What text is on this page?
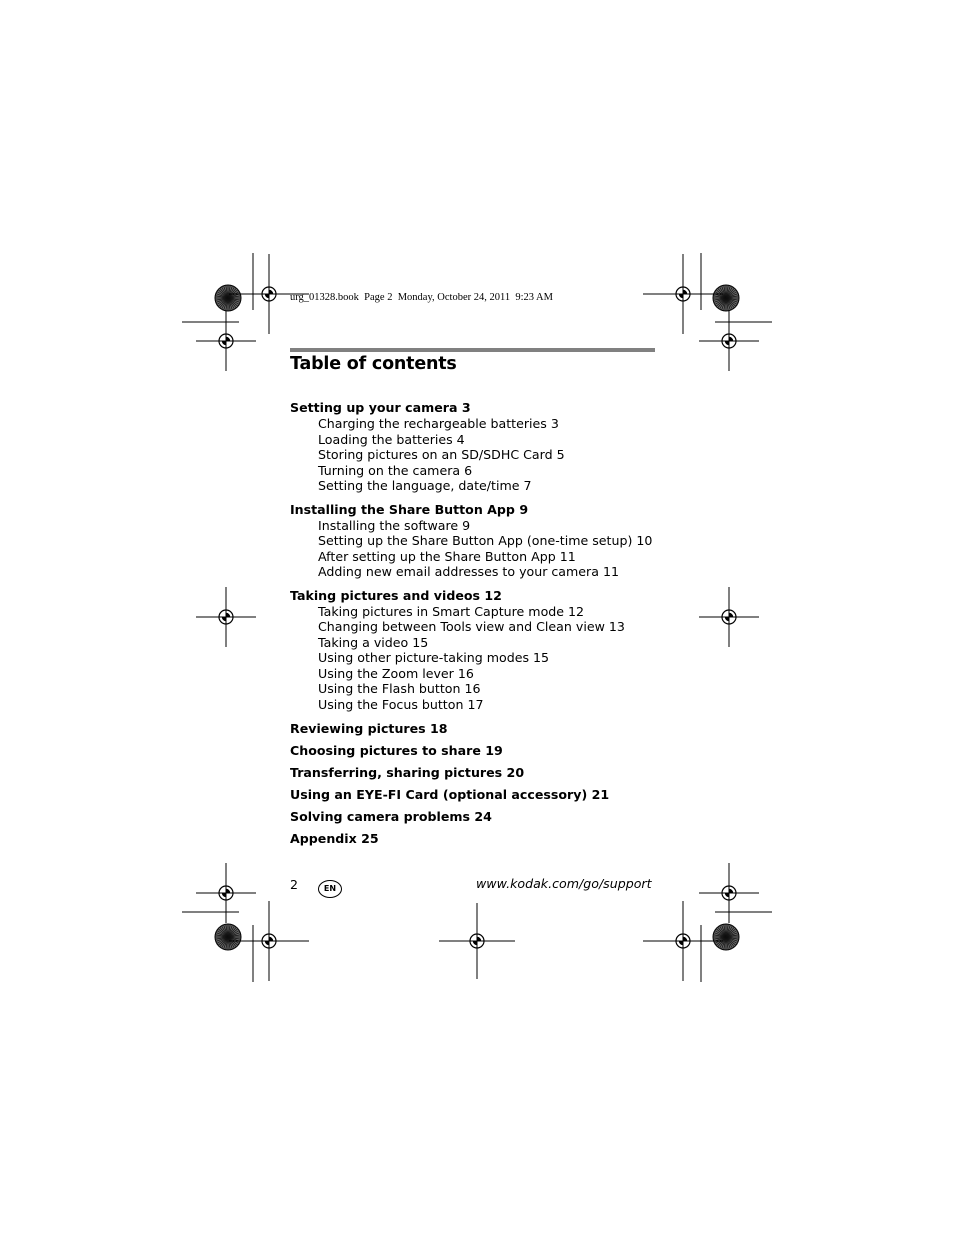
urg_01328.book  Page 2  Monday, October 24, 2011  9:23 AM
Table of contents
Setting up your camera 3
Charging the rechargeable batteries 3
Loading the batteries 4
Storing pictures on an SD/SDHC Card 5
Turning on the camera 6
Setting the language, date/time 7
Installing the Share Button App 9
Installing the software 9
Setting up the Share Button App (one-time setup) 10
After setting up the Share Button App 11
Adding new email addresses to your camera 11
Taking pictures and videos 12
Taking pictures in Smart Capture mode 12
Changing between Tools view and Clean view 13
Taking a video 15
Using other picture-taking modes 15
Using the Zoom lever 16
Using the Flash button 16
Using the Focus button 17
Reviewing pictures 18
Choosing pictures to share 19
Transferring, sharing pictures 20
Using an EYE-FI Card (optional accessory) 21
Solving camera problems 24
Appendix 25
2	EN	www.kodak.com/go/support
